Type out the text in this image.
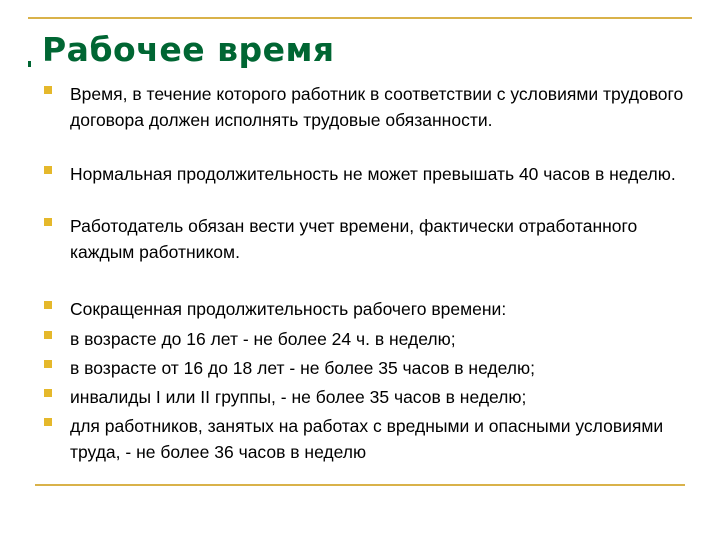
Рабочее время
Время, в течение которого работник в соответствии с условиями трудового договора должен исполнять трудовые обязанности.
Нормальная продолжительность не может превышать 40 часов в неделю.
Работодатель обязан вести учет времени, фактически отработанного каждым работником.
Сокращенная продолжительность рабочего времени:
в возрасте до 16 лет - не более 24 ч. в неделю;
в возрасте от 16 до 18 лет - не более 35 часов в неделю;
инвалиды I или II группы, - не более 35 часов в неделю;
для работников, занятых на работах с вредными и опасными условиями труда, - не более 36 часов в неделю
